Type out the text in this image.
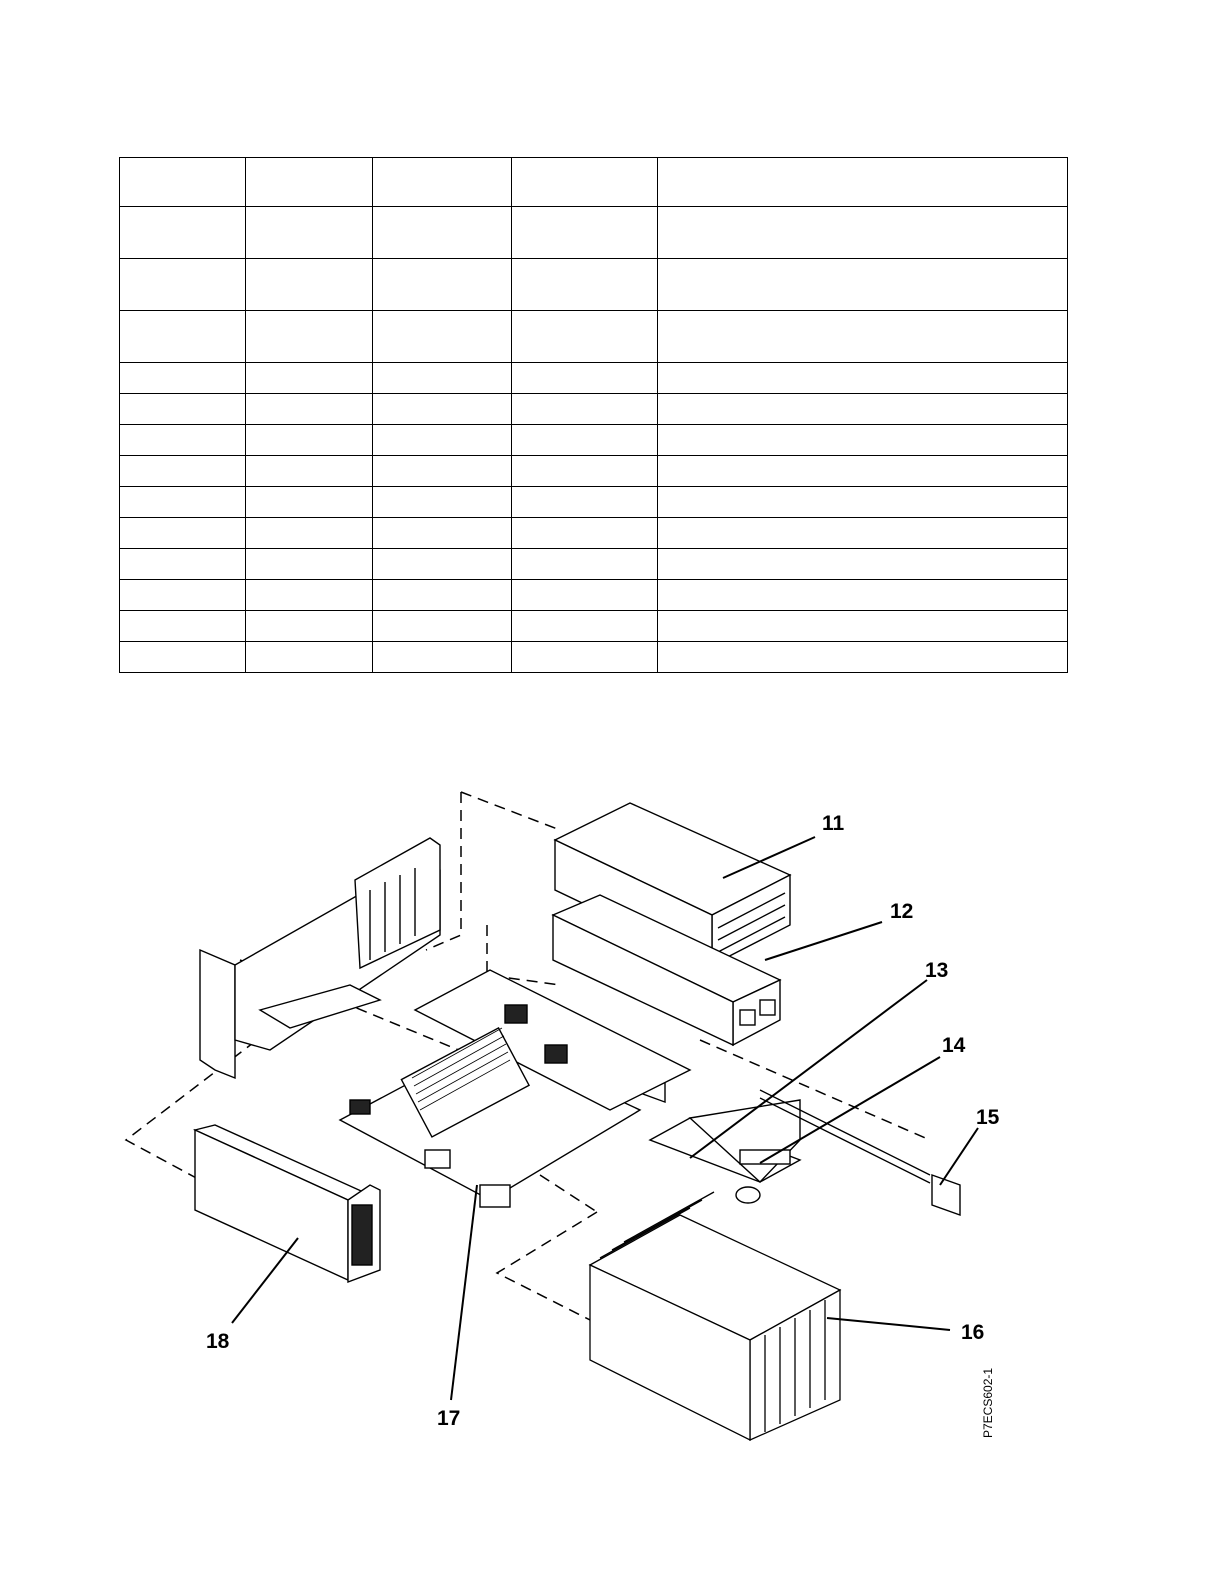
11
12
13
14
15
16
17
18
P7ECS602-1
